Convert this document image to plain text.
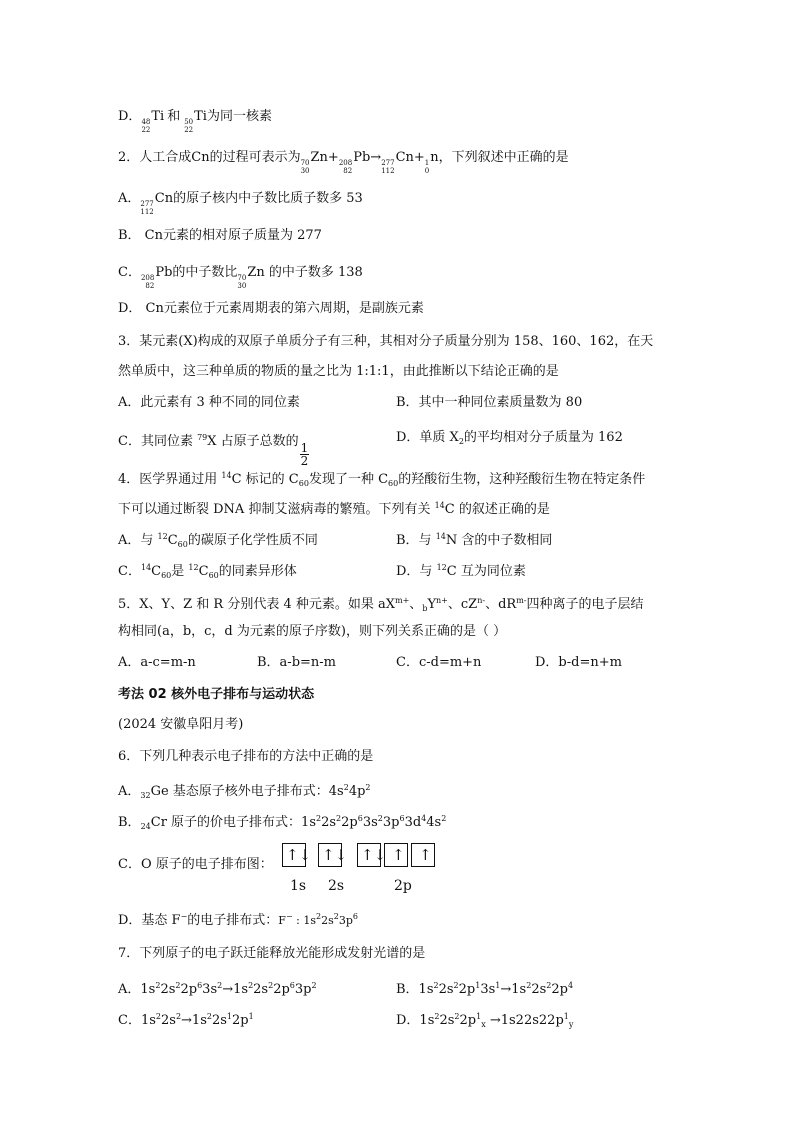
D． 48
22
Ti 和 50
22
Ti为同一核素
2．人工合成Cn的过程可表示为 70
30
Zn+ 208
82
Pb→ 277
112
Cn+ 1
0
n，下列叙述中正确的是
A． 277
112
Cn的原子核内中子数比质子数多 53
B． Cn元素的相对原子质量为 277
C． 208
82
Pb的中子数比 70
30
Zn 的中子数多 138
D． Cn元素位于元素周期表的第六周期，是副族元素
3．某元素(X)构成的双原子单质分子有三种，其相对分子质量分别为 158、160、162，在天
然单质中，这三种单质的物质的量之比为 1:1:1，由此推断以下结论正确的是
A．此元素有 3 种不同的同位素	B．其中一种同位素质量数为 80
C．其同位素 $^{79}$X 占原子总数的
$\frac{1}{2}$
D．单质 $X_2$的平均相对分子质量为 162
4．医学界通过用 $^{14}$C 标记的 $C_{60}$发现了一种 $C_{60}$的羟酸衍生物，这种羟酸衍生物在特定条件
下可以通过断裂 DNA 抑制艾滋病毒的繁殖。下列有关 $^{14}$C 的叙述正确的是
A．与 $^{12}C_{60}$的碳原子化学性质不同	B．与 $^{14}$N 含的中子数相同
C．$^{14}C_{60}$是 $^{12}C_{60}$的同素异形体	D．与 $^{12}$C 互为同位素
5．X、Y、Z 和 R 分别代表 4 种元素。如果 $aX^{m+}$、$_bY^{n+}$、$cZ^{n-}$、$dR^{m-}$四种离子的电子层结
构相同(a，b，c，d 为元素的原子序数)，则下列关系正确的是（ ）
A．a-c=m-n	B．a-b=n-m	C．c-d=m+n	D．b-d=n+m
考法 02 核外电子排布与运动状态
(2024 安徽阜阳月考)
6．下列几种表示电子排布的方法中正确的是
A．$_{32}$Ge 基态原子核外电子排布式：$4s^24p^2$
B．$_{24}$Cr 原子的价电子排布式：$1s^22s^22p^63s^23p^63d^44s^2$
C．O 原子的电子排布图：
↑↓ ↑↓ ↑↓ ↑ ↑
1s 2s	2p
D．基态 F−的电子排布式：F− : $1s^22s^23p^6$
7．下列原子的电子跃迁能释放光能形成发射光谱的是
A．$1s^22s^22p^63s^2\to 1s^22s^22p^63p^2$	B．$1s^22s^22p^13s^1\to 1s^22s^22p^4$
C．$1s^22s^2\to 1s^22s^12p^1$	D．$1s^22s^22p^1_x \to 1s22s22p^1_y$
